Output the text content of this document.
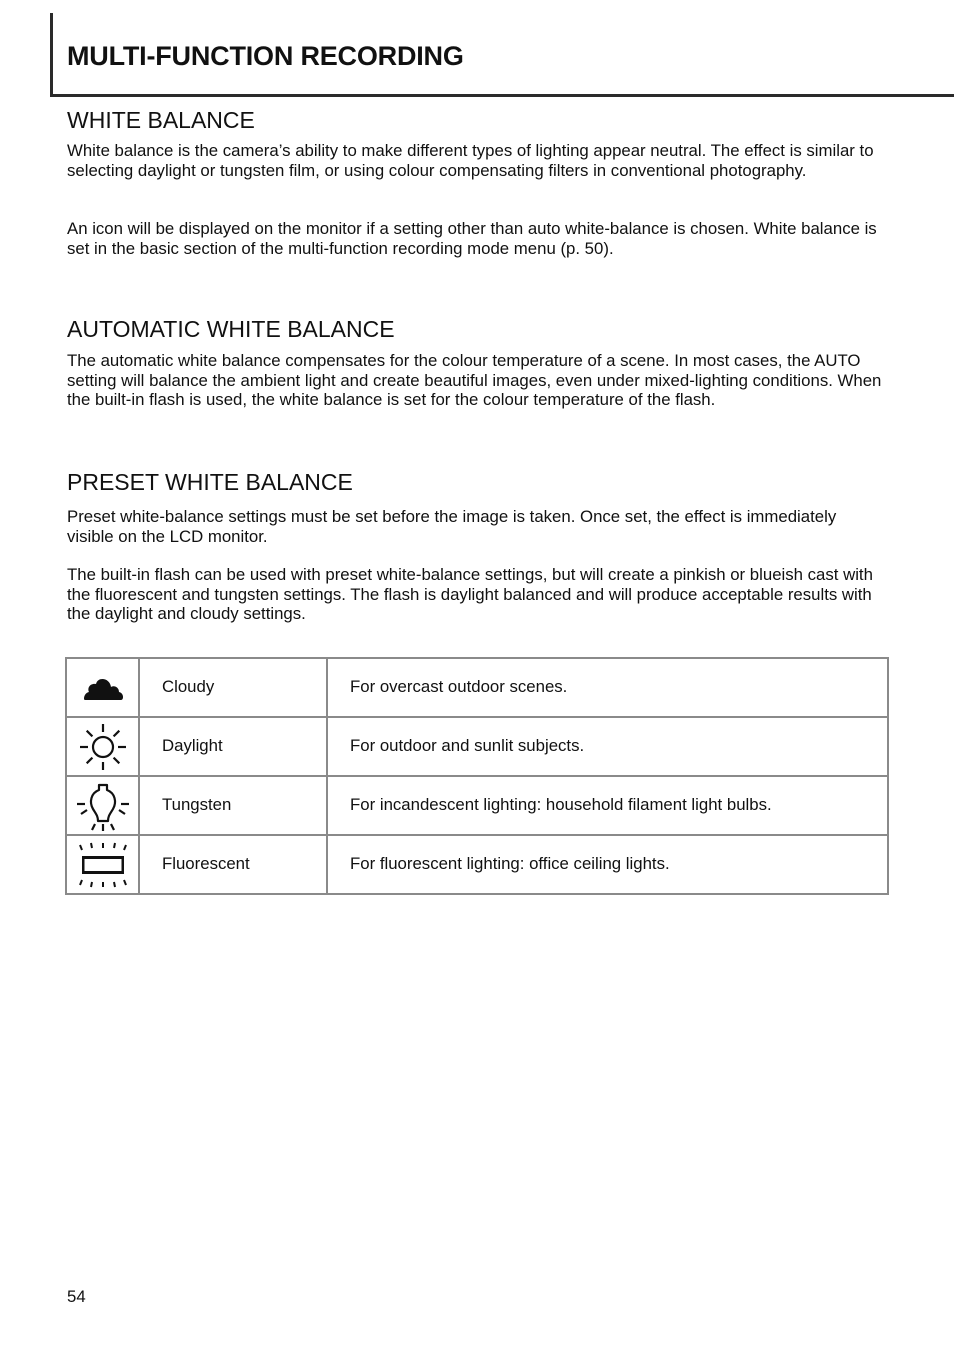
MULTI-FUNCTION RECORDING
WHITE BALANCE

White balance is the camera’s ability to make different types of lighting appear neutral. The effect is similar to selecting daylight or tungsten film, or using colour compensating filters in conventional photography.

An icon will be displayed on the monitor if a setting other than auto white-balance is chosen. White balance is set in the basic section of the multi-function recording mode menu (p. 50).

AUTOMATIC WHITE BALANCE

The automatic white balance compensates for the colour temperature of a scene. In most cases, the AUTO setting will balance the ambient light and create beautiful images, even under mixed-lighting conditions. When the built-in flash is used, the white balance is set for the colour temperature of the flash.

PRESET WHITE BALANCE

Preset white-balance settings must be set before the image is taken. Once set, the effect is immediately visible on the LCD monitor.

The built-in flash can be used with preset white-balance settings, but will create a pinkish or blueish cast with the fluorescent and tungsten settings. The flash is daylight balanced and will produce acceptable results with the daylight and cloudy settings.

	Cloudy	For overcast outdoor scenes.

	Daylight	For outdoor and sunlit subjects.

	Tungsten	For incandescent lighting: household filament light bulbs.

	Fluorescent	For fluorescent lighting: office ceiling lights.

54
